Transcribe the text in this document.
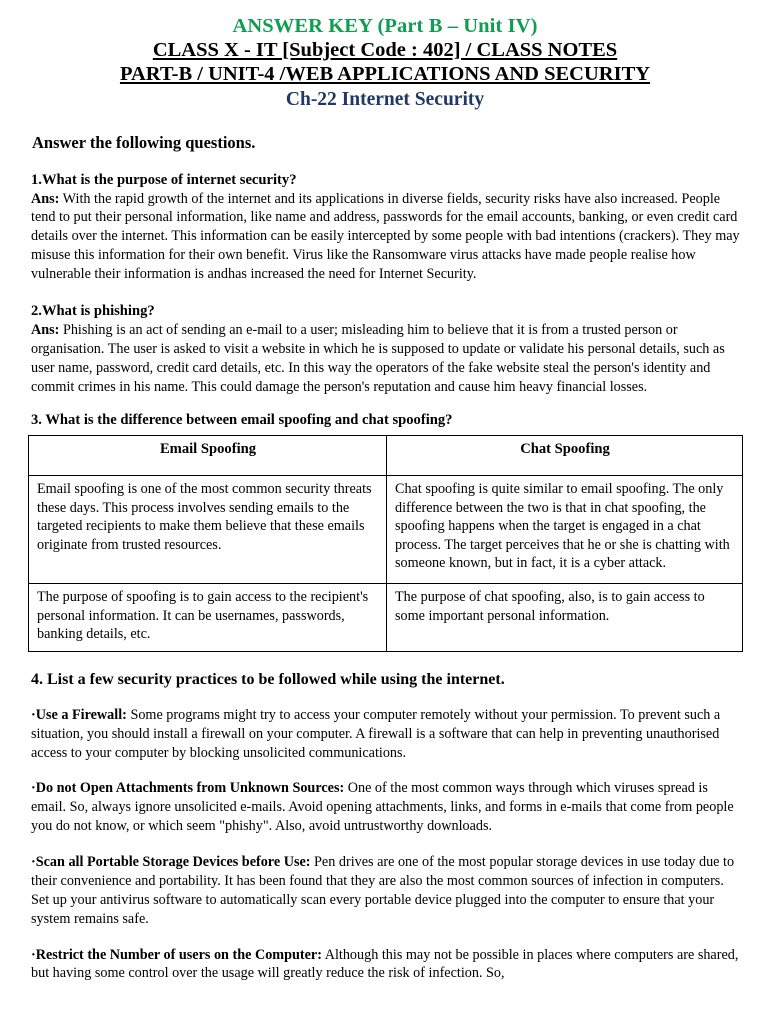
ANSWER KEY (Part B – Unit IV)
CLASS X - IT [Subject Code : 402] / CLASS NOTES
PART-B / UNIT-4 /WEB APPLICATIONS AND SECURITY
Ch-22 Internet Security
Answer the following questions.
1.What is the purpose of internet security?
Ans: With the rapid growth of the internet and its applications in diverse fields, security risks have also increased. People tend to put their personal information, like name and address, passwords for the email accounts, banking, or even credit card details over the internet. This information can be easily intercepted by some people with bad intentions (crackers). They may misuse this information for their own benefit. Virus like the Ransomware virus attacks have made people realise how vulnerable their information is andhas increased the need for Internet Security.
2.What is phishing?
Ans: Phishing is an act of sending an e-mail to a user; misleading him to believe that it is from a trusted person or organisation. The user is asked to visit a website in which he is supposed to update or validate his personal details, such as user name, password, credit card details, etc. In this way the operators of the fake website steal the person's identity and commit crimes in his name. This could damage the person's reputation and cause him heavy financial losses.
3. What is the difference between email spoofing and chat spoofing?
Email Spoofing	Chat Spoofing
Email spoofing is one of the most common security threats these days. This process involves sending emails to the targeted recipients to make them believe that these emails originate from trusted resources.	Chat spoofing is quite similar to email spoofing. The only difference between the two is that in chat spoofing, the spoofing happens when the target is engaged in a chat process. The target perceives that he or she is chatting with someone known, but in fact, it is a cyber attack.
The purpose of spoofing is to gain access to the recipient's personal information. It can be usernames, passwords, banking details, etc.	The purpose of chat spoofing, also, is to gain access to some important personal information.
4. List a few security practices to be followed while using the internet.
·Use a Firewall: Some programs might try to access your computer remotely without your permission. To prevent such a situation, you should install a firewall on your computer. A firewall is a software that can help in preventing unauthorised access to your computer by blocking unsolicited communications.
·Do not Open Attachments from Unknown Sources: One of the most common ways through which viruses spread is email. So, always ignore unsolicited e-mails. Avoid opening attachments, links, and forms in e-mails that come from people you do not know, or which seem "phishy". Also, avoid untrustworthy downloads.
·Scan all Portable Storage Devices before Use: Pen drives are one of the most popular storage devices in use today due to their convenience and portability. It has been found that they are also the most common sources of infection in computers. Set up your antivirus software to automatically scan every portable device plugged into the computer to ensure that your system remains safe.
·Restrict the Number of users on the Computer: Although this may not be possible in places where computers are shared, but having some control over the usage will greatly reduce the risk of infection. So,
